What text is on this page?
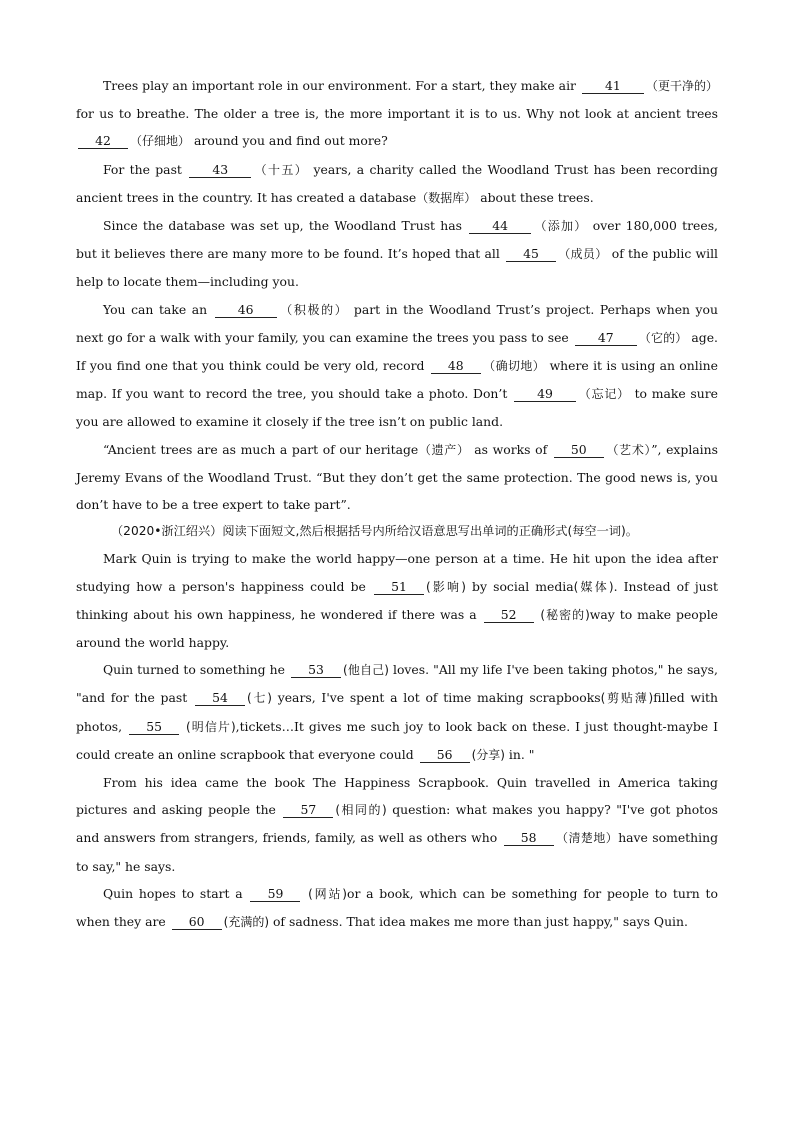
Trees play an important role in our environment. For a start, they make air 41 （更干净的） for us to breathe. The older a tree is, the more important it is to us. Why not look at ancient trees 42 （仔细地） around you and find out more?

For the past 43 （十五） years, a charity called the Woodland Trust has been recording ancient trees in the country. It has created a database（数据库） about these trees.

Since the database was set up, the Woodland Trust has 44 （添加） over 180,000 trees, but it believes there are many more to be found. It’s hoped that all 45 （成员） of the public will help to locate them—including you.

You can take an 46 （积极的） part in the Woodland Trust’s project. Perhaps when you next go for a walk with your family, you can examine the trees you pass to see 47 （它的） age. If you find one that you think could be very old, record 48 （确切地） where it is using an online map. If you want to record the tree, you should take a photo. Don’t 49 （忘记） to make sure you are allowed to examine it closely if the tree isn’t on public land.

“Ancient trees are as much a part of our heritage（遗产） as works of 50 （艺术）”, explains Jeremy Evans of the Woodland Trust. “But they don’t get the same protection. The good news is, you don’t have to be a tree expert to take part”.

（2020•浙江绍兴）阅读下面短文,然后根据括号内所给汉语意思写出单词的正确形式(每空一词)。

Mark Quin is trying to make the world happy—one person at a time. He hit upon the idea after studying how a person's happiness could be 51 (影响) by social media(媒体). Instead of just thinking about his own happiness, he wondered if there was a 52 (秘密的)way to make people around the world happy.

Quin turned to something he 53 (他自己) loves. "All my life I've been taking photos," he says, "and for the past 54 (七) years, I've spent a lot of time making scrapbooks(剪贴薄)filled with photos, 55 (明信片),tickets…It gives me such joy to look back on these. I just thought-maybe I could create an online scrapbook that everyone could 56 (分享) in. "

From his idea came the book The Happiness Scrapbook. Quin travelled in America taking pictures and asking people the 57 (相同的) question: what makes you happy? "I've got photos and answers from strangers, friends, family, as well as others who 58 （清楚地）have something to say," he says.

Quin hopes to start a 59 (网站)or a book, which can be something for people to turn to when they are 60 (充满的) of sadness. That idea makes me more than just happy," says Quin.
